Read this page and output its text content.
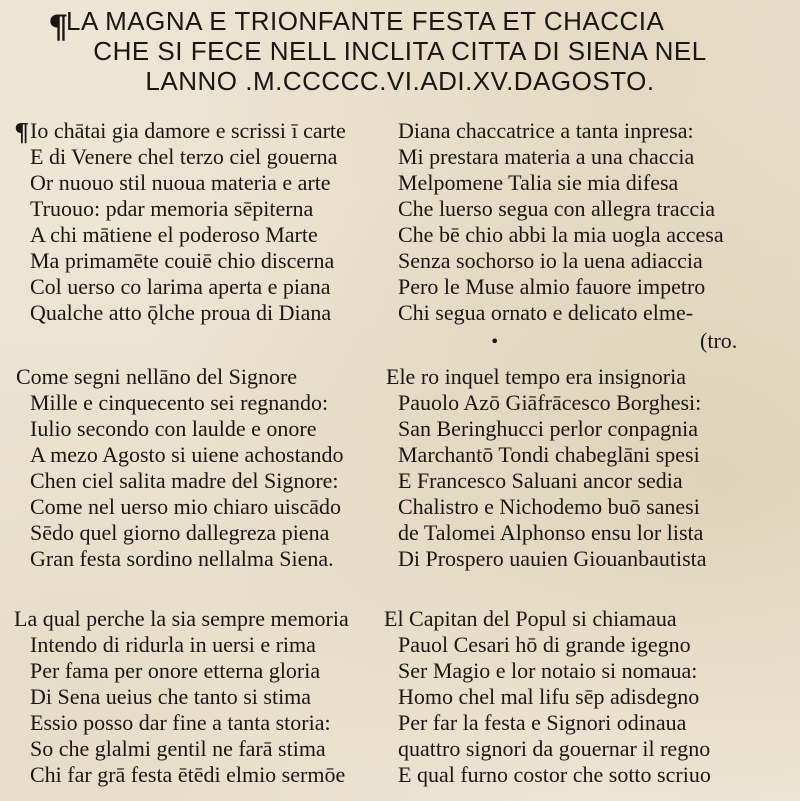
¶
LA MAGNA E TRIONFANTE FESTA ET CHACCIA
CHE SI FECE NELL INCLITA CITTA DI SIENA NEL
LANNO .M.CCCCC.VI.ADI.XV.DAGOSTO.
¶ Io chātai gia damore e scrissi ī carte
E di Venere chel terzo ciel gouerna
Or nuouo stil nuoua materia e arte
Truouo: pdar memoria sēpiterna
A chi mātiene el poderoso Marte
Ma primamēte couiē chio discerna
Col uerso co larima aperta e piana
Qualche atto ǭlche proua di Diana
Diana chaccatrice a tanta inpresa:
Mi prestara materia a una chaccia
Melpomene Talia sie mia difesa
Che luerso segua con allegra traccia
Che bē chio abbi la mia uogla accesa
Senza sochorso io la uena adiaccia
Pero le Muse almio fauore impetro
Chi segua ornato e delicato elme-
(tro.
•
Come segni nellāno del Signore
Mille e cinquecento sei regnando:
Iulio secondo con laulde e onore
A mezo Agosto si uiene achostando
Chen ciel salita madre del Signore:
Come nel uerso mio chiaro uiscādo
Sēdo quel giorno dallegreza piena
Gran festa sordino nellalma Siena.
Ele ro inquel tempo era insignoria
Pauolo Azō Giāfrācesco Borghesi:
San Beringhucci perlor conpagnia
Marchantō Tondi chabeglāni spesi
E Francesco Saluani ancor sedia
Chalistro e Nichodemo buō sanesi
de Talomei Alphonso ensu lor lista
Di Prospero uauien Giouanbautista
La qual perche la sia sempre memoria
Intendo di ridurla in uersi e rima
Per fama per onore etterna gloria
Di Sena ueius che tanto si stima
Essio posso dar fine a tanta storia:
So che glalmi gentil ne farā stima
Chi far grā festa ētēdi elmio sermōe
El Capitan del Popul si chiamaua
Pauol Cesari hō di grande igegno
Ser Magio e lor notaio si nomaua:
Homo chel mal lifu sēp adisdegno
Per far la festa e Signori odinaua
quattro signori da gouernar il regno
E qual furno costor che sotto scriuo
